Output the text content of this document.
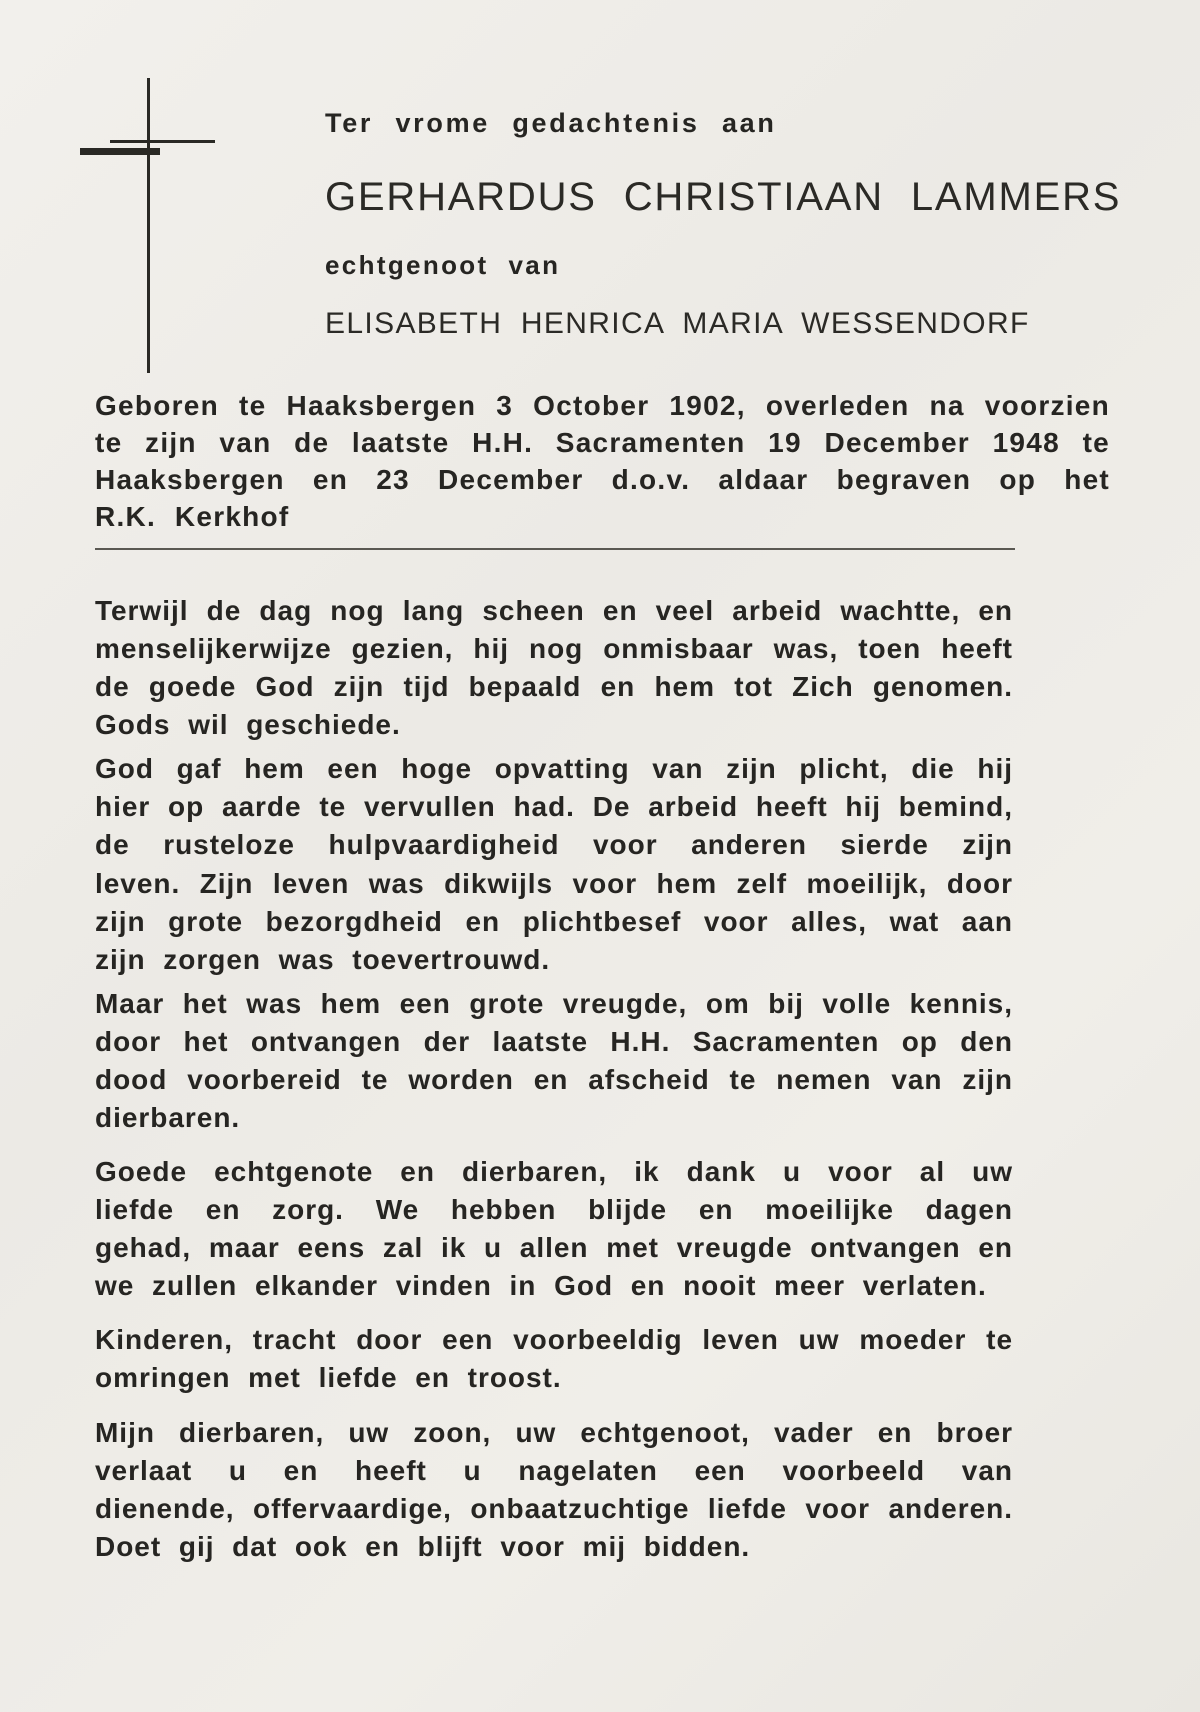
Ter vrome gedachtenis aan

GERHARDUS CHRISTIAAN LAMMERS

echtgenoot van

ELISABETH HENRICA MARIA WESSENDORF

Geboren te Haaksbergen 3 October 1902, overleden na voorzien te zijn van de laatste H.H. Sacramenten 19 December 1948 te Haaksbergen en 23 December d.o.v. aldaar begraven op het R.K. Kerkhof

Terwijl de dag nog lang scheen en veel arbeid wachtte, en menselijkerwijze gezien, hij nog onmisbaar was, toen heeft de goede God zijn tijd bepaald en hem tot Zich genomen. Gods wil geschiede.

God gaf hem een hoge opvatting van zijn plicht, die hij hier op aarde te vervullen had. De arbeid heeft hij bemind, de rusteloze hulpvaardigheid voor anderen sierde zijn leven. Zijn leven was dikwijls voor hem zelf moeilijk, door zijn grote bezorgdheid en plichtbesef voor alles, wat aan zijn zorgen was toevertrouwd.

Maar het was hem een grote vreugde, om bij volle kennis, door het ontvangen der laatste H.H. Sacramenten op den dood voorbereid te worden en afscheid te nemen van zijn dierbaren.

Goede echtgenote en dierbaren, ik dank u voor al uw liefde en zorg. We hebben blijde en moeilijke dagen gehad, maar eens zal ik u allen met vreugde ontvangen en we zullen elkander vinden in God en nooit meer verlaten.

Kinderen, tracht door een voorbeeldig leven uw moeder te omringen met liefde en troost.

Mijn dierbaren, uw zoon, uw echtgenoot, vader en broer verlaat u en heeft u nagelaten een voorbeeld van dienende, offervaardige, onbaatzuchtige liefde voor anderen. Doet gij dat ook en blijft voor mij bidden.
